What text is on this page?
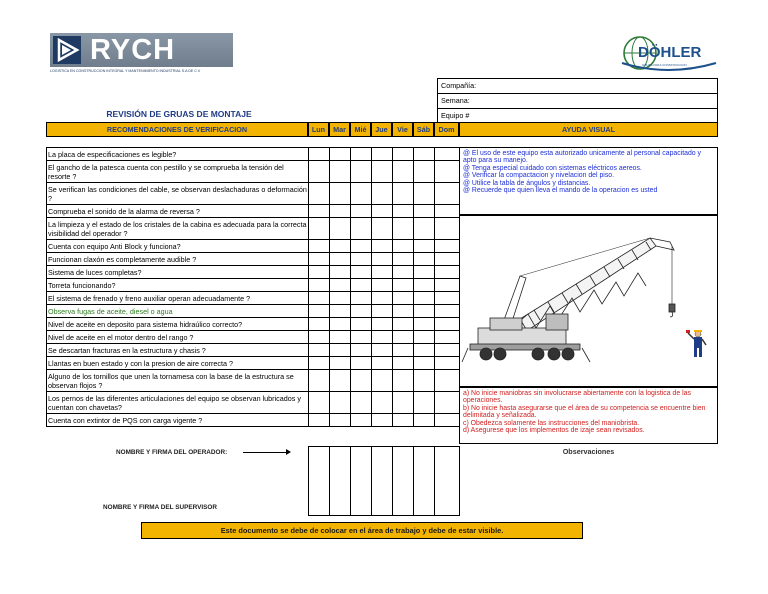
RYCH
LOGISTICA EN CONSTRUCCION INTEGRAL Y MANTENIMIENTO INDUSTRIAL S.A DE C.V
DÖHLER
GRUAS PARA CONSTRUCCION
Compañía:
Semana:
Equipo #
REVISIÓN DE GRUAS DE MONTAJE
RECOMENDACIONES DE VERIFICACION	Lun	Mar	Mié	Jue	Vie	Sáb	Dom	AYUDA VISUAL
La placa de especificaciones es legible?							
El gancho de la patesca cuenta con pestillo y se comprueba la tensión del resorte ?							
Se verifican las condiciones del cable, se observan deslachaduras o deformación ?							
Comprueba el sonido de la alarma de reversa ?							
La limpieza y el estado de los cristales de la cabina es adecuada para la correcta visibilidad del operador ?							
Cuenta con equipo Anti Block y funciona?							
Funcionan claxón es completamente audible ?							
Sistema de luces completas?							
Torreta funcionando?							
El sistema de frenado y freno auxiliar operan adecuadamente ?							
Observa fugas de aceite, diesel o agua							
Nivel de aceite en deposito para sistema hidraúlico correcto?							
Nivel de aceite en el motor dentro del rango ?							
Se descartan fracturas en la estructura y chasis ?							
Llantas en buen estado y con la presion de aire correcta ?							
Alguno de los tornillos que unen la tornamesa con la base de la estructura se observan flojos ?							
Los pernos de las diferentes articulaciones del equipo se observan lubricados y cuentan con chavetas?							
Cuenta con extintor de PQS con carga vigente ?							
NOMBRE Y FIRMA DEL OPERADOR:
NOMBRE Y FIRMA DEL SUPERVISOR

@ El uso de este equipo esta autorizado unicamente al personal capacitado y apto para su manejo.
@ Tenga especial cuidado con sistemas eléctricos aereos.
@ Verificar la compactacion y nivelacion del piso.
@ Utilice la tabla de ángulos y distancias.
@ Recuerde que quien lleva el mando de la operacion es usted
a) No inicie maniobras sin involucrarse abiertamente con la logistica de las operaciones.
b) No inicie hasta asegurarse que el área de su competencia se encuentre bien delimitada y señalizada.
c) Obedezca solamente las instrucciones del maniobrista.
d) Asegurese que los implementos de izaje sean revisados.
Observaciones
Este documento se debe de colocar en el área de trabajo y debe de estar visible.
